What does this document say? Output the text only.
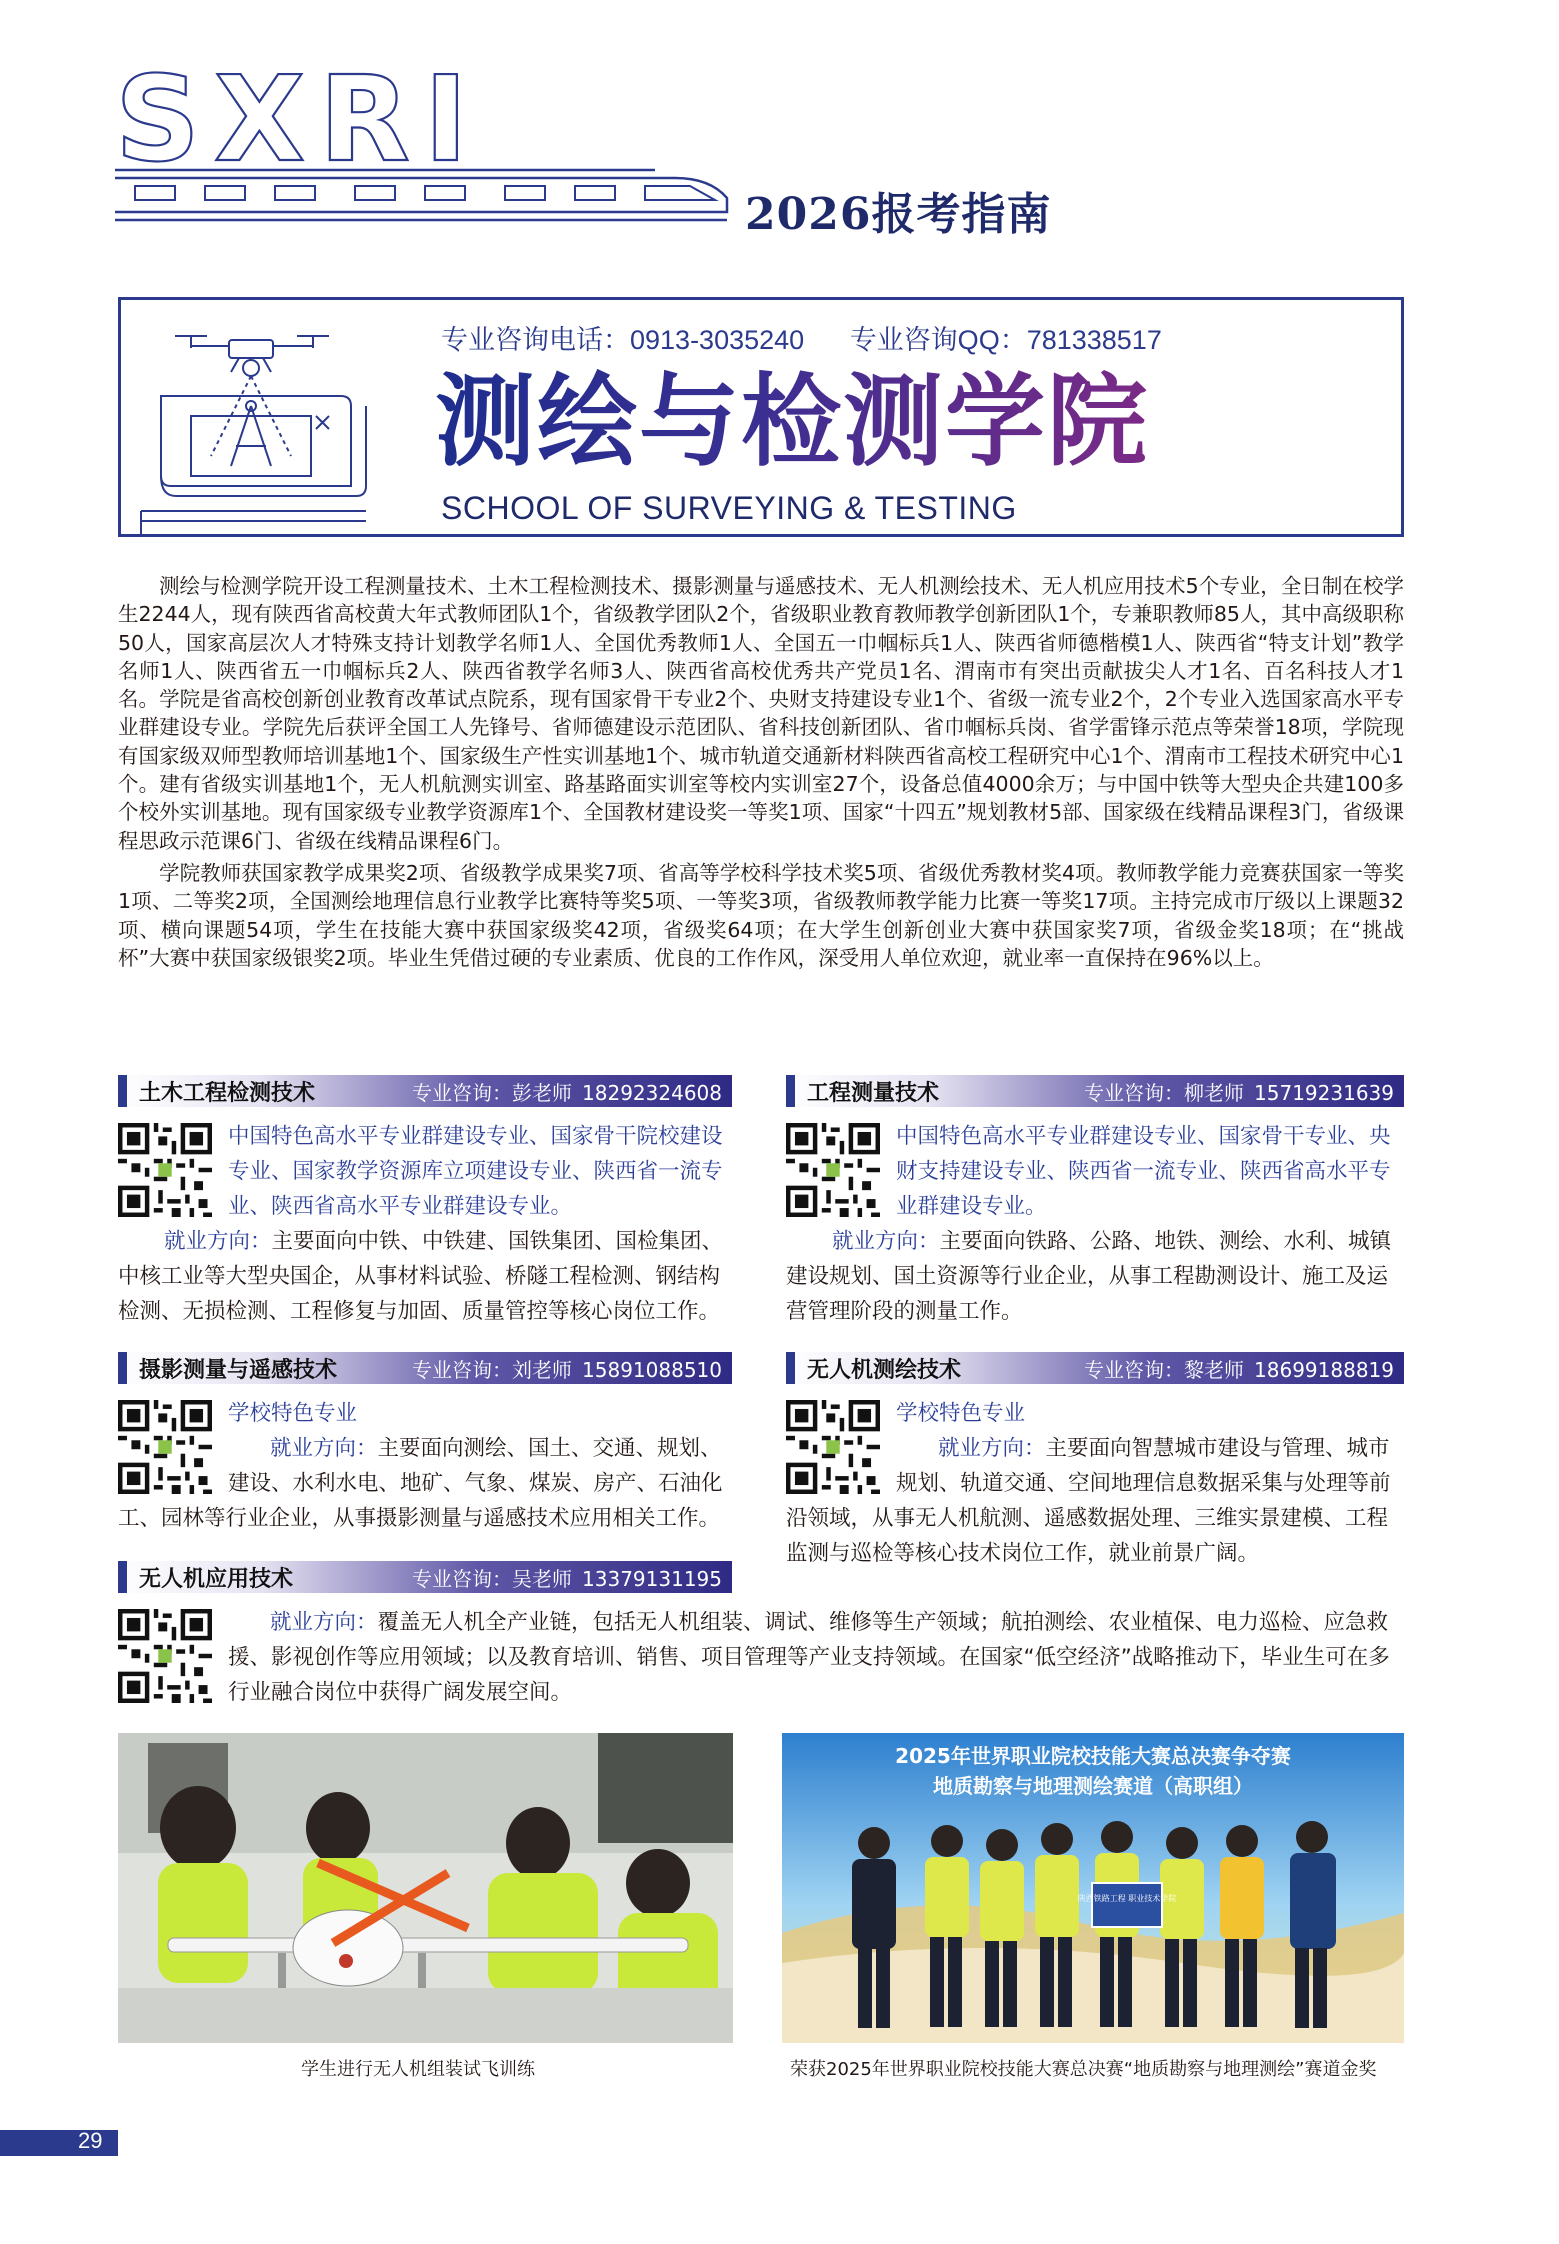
SXRI
2026报考指南
专业咨询电话：0913-3035240 专业咨询QQ：781338517
测绘与检测学院
SCHOOL OF SURVEYING & TESTING

测绘与检测学院开设工程测量技术、土木工程检测技术、摄影测量与遥感技术、无人机测绘技术、无人机应用技术5个专业，全日制在校学生2244人，现有陕西省高校黄大年式教师团队1个，省级教学团队2个，省级职业教育教师教学创新团队1个，专兼职教师85人，其中高级职称50人，国家高层次人才特殊支持计划教学名师1人、全国优秀教师1人、全国五一巾帼标兵1人、陕西省师德楷模1人、陕西省“特支计划”教学名师1人、陕西省五一巾帼标兵2人、陕西省教学名师3人、陕西省高校优秀共产党员1名、渭南市有突出贡献拔尖人才1名、百名科技人才1名。学院是省高校创新创业教育改革试点院系，现有国家骨干专业2个、央财支持建设专业1个、省级一流专业2个，2个专业入选国家高水平专业群建设专业。学院先后获评全国工人先锋号、省师德建设示范团队、省科技创新团队、省巾帼标兵岗、省学雷锋示范点等荣誉18项，学院现有国家级双师型教师培训基地1个、国家级生产性实训基地1个、城市轨道交通新材料陕西省高校工程研究中心1个、渭南市工程技术研究中心1个。建有省级实训基地1个，无人机航测实训室、路基路面实训室等校内实训室27个，设备总值4000余万；与中国中铁等大型央企共建100多个校外实训基地。现有国家级专业教学资源库1个、全国教材建设奖一等奖1项、国家“十四五”规划教材5部、国家级在线精品课程3门，省级课程思政示范课6门、省级在线精品课程6门。

学院教师获国家教学成果奖2项、省级教学成果奖7项、省高等学校科学技术奖5项、省级优秀教材奖4项。教师教学能力竞赛获国家一等奖1项、二等奖2项，全国测绘地理信息行业教学比赛特等奖5项、一等奖3项，省级教师教学能力比赛一等奖17项。主持完成市厅级以上课题32项、横向课题54项，学生在技能大赛中获国家级奖42项，省级奖64项；在大学生创新创业大赛中获国家奖7项，省级金奖18项；在“挑战杯”大赛中获国家级银奖2项。毕业生凭借过硬的专业素质、优良的工作作风，深受用人单位欢迎，就业率一直保持在96%以上。

土木工程检测技术	专业咨询：彭老师 18292324608
中国特色高水平专业群建设专业、国家骨干院校建设专业、国家教学资源库立项建设专业、陕西省一流专业、陕西省高水平专业群建设专业。
就业方向：主要面向中铁、中铁建、国铁集团、国检集团、中核工业等大型央国企，从事材料试验、桥隧工程检测、钢结构检测、无损检测、工程修复与加固、质量管控等核心岗位工作。
工程测量技术	专业咨询：柳老师 15719231639
中国特色高水平专业群建设专业、国家骨干专业、央财支持建设专业、陕西省一流专业、陕西省高水平专业群建设专业。
就业方向：主要面向铁路、公路、地铁、测绘、水利、城镇建设规划、国土资源等行业企业，从事工程勘测设计、施工及运营管理阶段的测量工作。
摄影测量与遥感技术	专业咨询：刘老师 15891088510
学校特色专业
就业方向：主要面向测绘、国土、交通、规划、建设、水利水电、地矿、气象、煤炭、房产、石油化工、园林等行业企业，从事摄影测量与遥感技术应用相关工作。
无人机测绘技术	专业咨询：黎老师 18699188819
学校特色专业
就业方向：主要面向智慧城市建设与管理、城市规划、轨道交通、空间地理信息数据采集与处理等前沿领域，从事无人机航测、遥感数据处理、三维实景建模、工程监测与巡检等核心技术岗位工作，就业前景广阔。
无人机应用技术	专业咨询：吴老师 13379131195
就业方向：覆盖无人机全产业链，包括无人机组装、调试、维修等生产领域；航拍测绘、农业植保、电力巡检、应急救援、影视创作等应用领域；以及教育培训、销售、项目管理等产业支持领域。在国家“低空经济”战略推动下，毕业生可在多行业融合岗位中获得广阔发展空间。
学生进行无人机组装试飞训练
2025年世界职业院校技能大赛总决赛争夺赛
地质勘察与地理测绘赛道（高职组）
陕西铁路工程 职业技术学院
荣获2025年世界职业院校技能大赛总决赛“地质勘察与地理测绘”赛道金奖
29
